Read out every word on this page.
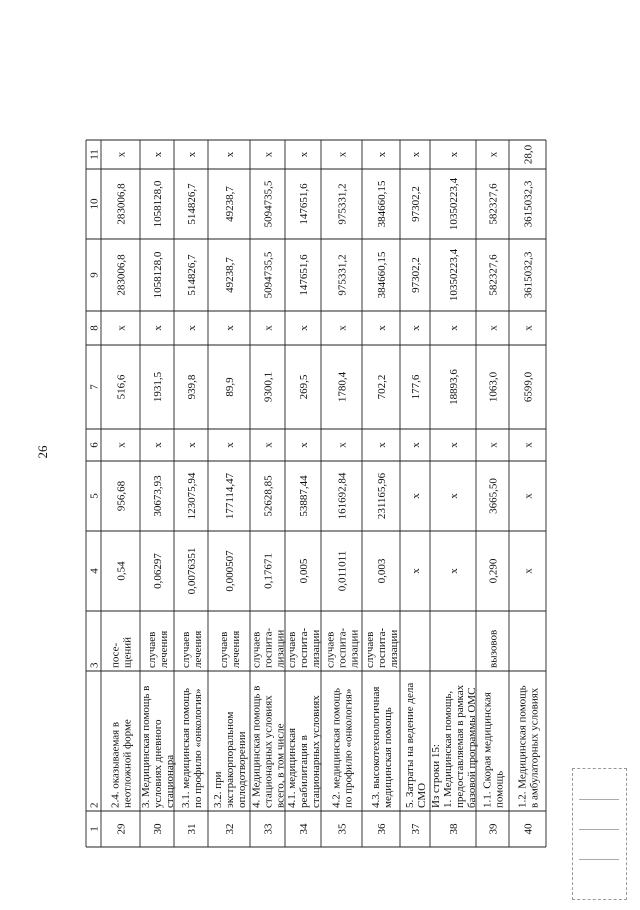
26
1
2
3
4
5
6
7
8
9
10
11
29
2.4. оказываемая внеотложной форме
посе-щений
0,54
956,68
x
516,6
x
283006,8
283006,8
x
30
3. Медицинская помощь вусловиях дневногостационара
случаевлечения
0,06297
30673,93
x
1931,5
x
1058128,0
1058128,0
x
31
3.1. медицинская помощьпо профилю «онкология»
случаевлечения
0,0076351
123075,94
x
939,8
x
514826,7
514826,7
x
32
3.2. приэкстракорпоральномоплодотворении
случаевлечения
0,000507
177114,47
x
89,9
x
49238,7
49238,7
x
33
4. Медицинская помощь встационарных условияхвсего, в том числе
случаевгоспита-лизации
0,17671
52628,85
x
9300,1
x
5094735,5
5094735,5
x
34
4.1. медицинскаяреабилитация встационарных условиях
случаевгоспита-лизации
0,005
53887,44
x
269,5
x
147651,6
147651,6
x
35
4.2. медицинская помощьпо профилю «онкология»
случаевгоспита-лизации
0,011011
161692,84
x
1780,4
x
975331,2
975331,2
x
36
4.3. высокотехнологичнаямедицинская помощь
случаевгоспита-лизации
0,003
231165,96
x
702,2
x
384660,15
384660,15
x
37
5. Затраты на ведение делаСМО
x
x
x
177,6
x
97302,2
97302,2
x
38
Из строки 15:1. Медицинская помощь,предоставляемая в рамкахбазовой программы ОМС
x
x
x
18893,6
x
10350223,4
10350223,4
x
39
1.1. Скорая медицинскаяпомощь
вызовов
0,290
3665,50
x
1063,0
x
582327,6
582327,6
x
40
1.2. Медицинская помощьв амбулаторных условиях
x
x
x
6599,0
x
3615032,3
3615032,3
28,0
